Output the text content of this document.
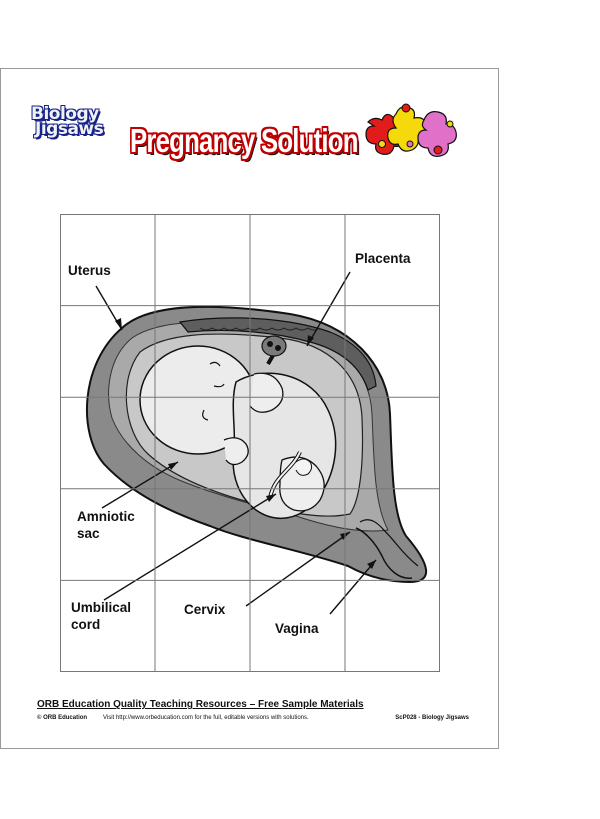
Biology
Jigsaws Pregnancy Solution
Uterus
Placenta
Amniotic
sac
Umbilical
cord
Cervix
Vagina
ORB Education Quality Teaching Resources – Free Sample Materials
© ORB Education	Visit http://www.orbeducation.com for the full, editable versions with solutions.	ScP028 - Biology Jigsaws
